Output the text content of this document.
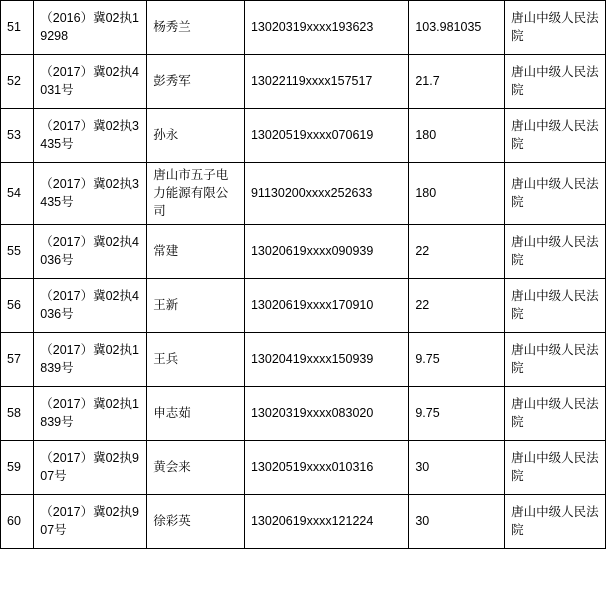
51	（2016）冀02执19298	杨秀兰	13020319xxxx193623	103.981035	唐山中级人民法院

52	（2017）冀02执4031号	彭秀军	13022119xxxx157517	21.7	唐山中级人民法院

53	（2017）冀02执3435号	孙永	13020519xxxx070619	180	唐山中级人民法院

54	（2017）冀02执3435号	唐山市五子电力能源有限公司	91130200xxxx252633	180	唐山中级人民法院

55	（2017）冀02执4036号	常建	13020619xxxx090939	22	唐山中级人民法院

56	（2017）冀02执4036号	王新	13020619xxxx170910	22	唐山中级人民法院

57	（2017）冀02执1839号	王兵	13020419xxxx150939	9.75	唐山中级人民法院

58	（2017）冀02执1839号	申志茹	13020319xxxx083020	9.75	唐山中级人民法院

59	（2017）冀02执907号	黄会来	13020519xxxx010316	30	唐山中级人民法院

60	（2017）冀02执907号	徐彩英	13020619xxxx121224	30	唐山中级人民法院
